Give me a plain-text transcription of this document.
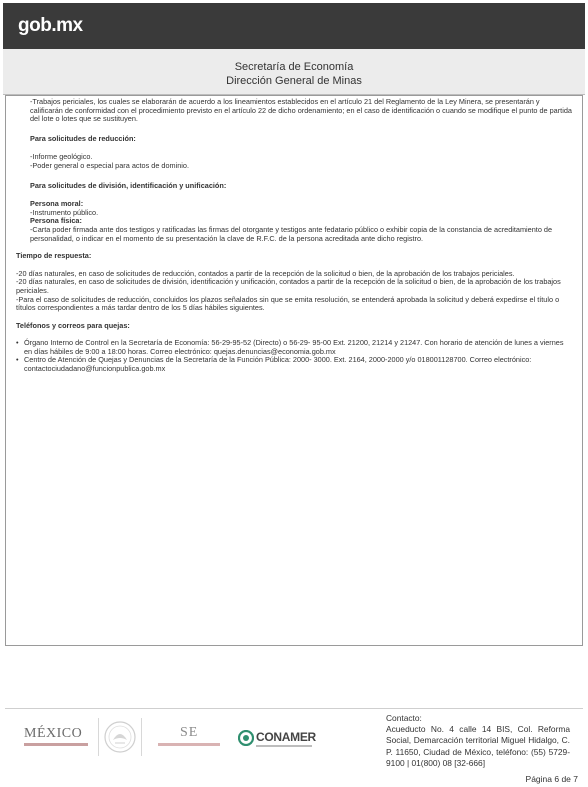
gob.mx
Secretaría de Economía
Dirección General de Minas

-Trabajos periciales, los cuales se elaborarán de acuerdo a los lineamientos establecidos en el artículo 21 del Reglamento de la Ley Minera, se presentarán y calificarán de conformidad con el procedimiento previsto en el artículo 22 de dicho ordenamiento; en el caso de identificación o cuando se modifique el punto de partida del lote o lotes que se sustituyen.

Para solicitudes de reducción:

-Informe geológico.

-Poder general o especial para actos de dominio.

Para solicitudes de división, identificación y unificación:

Persona moral:

-Instrumento público.

Persona física:

-Carta poder firmada ante dos testigos y ratificadas las firmas del otorgante y testigos ante fedatario público o exhibir copia de la constancia de acreditamiento de personalidad, o indicar en el momento de su presentación la clave de R.F.C. de la persona acreditada ante dicho registro.

Tiempo de respuesta:

-20 días naturales, en caso de solicitudes de reducción, contados a partir de la recepción de la solicitud o bien, de la aprobación de los trabajos periciales.

-20 días naturales, en caso de solicitudes de división, identificación y unificación, contados a partir de la recepción de la solicitud o bien, de la aprobación de los trabajos periciales.

-Para el caso de solicitudes de reducción, concluidos los plazos señalados sin que se emita resolución, se entenderá aprobada la solicitud y deberá expedirse el título o títulos correspondientes a más tardar dentro de los 5 días hábiles siguientes.

Teléfonos y correos para quejas:

• Órgano Interno de Control en la Secretaría de Economía: 56-29-95-52 (Directo) o 56-29- 95-00 Ext. 21200, 21214 y 21247. Con horario de atención de lunes a viernes en días hábiles de 9:00 a 18:00 horas. Correo electrónico: quejas.denuncias@economia.gob.mx
• Centro de Atención de Quejas y Denuncias de la Secretaría de la Función Pública: 2000- 3000. Ext. 2164, 2000-2000 y/o 018001128700. Correo electrónico: contactociudadano@funcionpublica.gob.mx
MÉXICO	SE	CONAMER
Contacto:
Acueducto No. 4 calle 14 BIS, Col. Reforma Social, Demarcación territorial Miguel Hidalgo, C. P. 11650, Ciudad de México, teléfono: (55) 5729-9100 | 01(800) 08 [32-666]
Página 6 de 7
